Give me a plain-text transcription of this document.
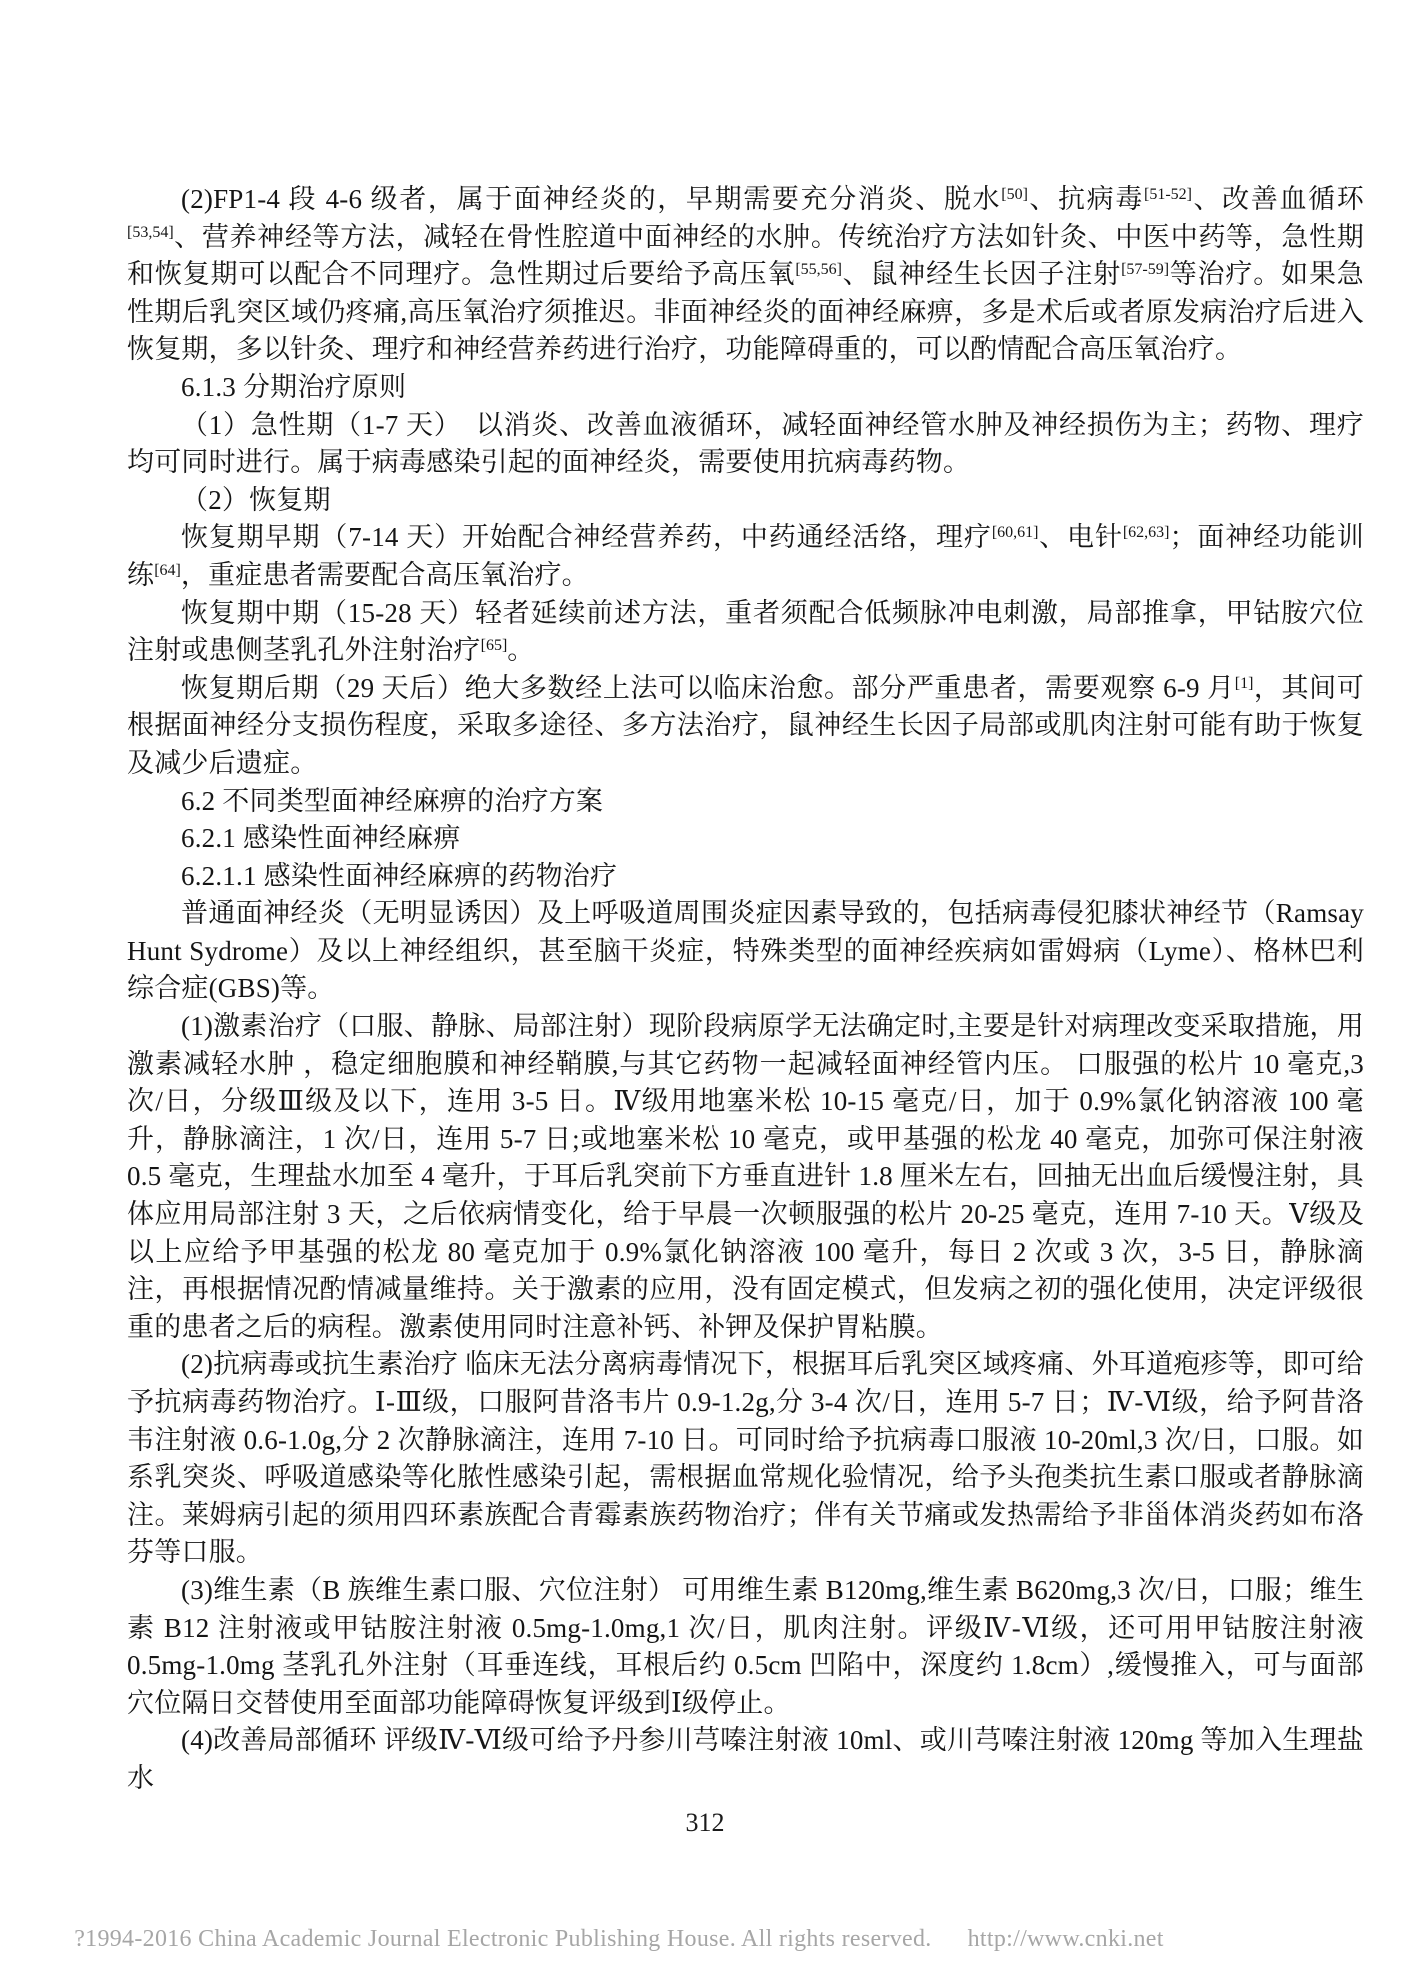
(2)FP1-4 段 4-6 级者，属于面神经炎的，早期需要充分消炎、脱水[50]、抗病毒[51-52]、改善血循环[53,54]、营养神经等方法，减轻在骨性腔道中面神经的水肿。传统治疗方法如针灸、中医中药等，急性期和恢复期可以配合不同理疗。急性期过后要给予高压氧[55,56]、鼠神经生长因子注射[57-59]等治疗。如果急性期后乳突区域仍疼痛,高压氧治疗须推迟。非面神经炎的面神经麻痹，多是术后或者原发病治疗后进入恢复期，多以针灸、理疗和神经营养药进行治疗，功能障碍重的，可以酌情配合高压氧治疗。

6.1.3 分期治疗原则

（1）急性期（1-7 天）　以消炎、改善血液循环，减轻面神经管水肿及神经损伤为主；药物、理疗均可同时进行。属于病毒感染引起的面神经炎，需要使用抗病毒药物。

（2）恢复期

恢复期早期（7-14 天）开始配合神经营养药，中药通经活络，理疗[60,61]、电针[62,63]；面神经功能训练[64]，重症患者需要配合高压氧治疗。

恢复期中期（15-28 天）轻者延续前述方法，重者须配合低频脉冲电刺激，局部推拿，甲钴胺穴位注射或患侧茎乳孔外注射治疗[65]。

恢复期后期（29 天后）绝大多数经上法可以临床治愈。部分严重患者，需要观察 6-9 月[1]，其间可根据面神经分支损伤程度，采取多途径、多方法治疗，鼠神经生长因子局部或肌肉注射可能有助于恢复及减少后遗症。

6.2 不同类型面神经麻痹的治疗方案

6.2.1 感染性面神经麻痹

6.2.1.1 感染性面神经麻痹的药物治疗

普通面神经炎（无明显诱因）及上呼吸道周围炎症因素导致的，包括病毒侵犯膝状神经节（Ramsay Hunt Sydrome）及以上神经组织，甚至脑干炎症，特殊类型的面神经疾病如雷姆病（Lyme）、格林巴利综合症(GBS)等。

(1)激素治疗（口服、静脉、局部注射）现阶段病原学无法确定时,主要是针对病理改变采取措施，用激素减轻水肿 ，稳定细胞膜和神经鞘膜,与其它药物一起减轻面神经管内压。 口服强的松片 10 毫克,3 次/日，分级Ⅲ级及以下，连用 3-5 日。Ⅳ级用地塞米松 10-15 毫克/日，加于 0.9%氯化钠溶液 100 毫升，静脉滴注，1 次/日，连用 5-7 日;或地塞米松 10 毫克，或甲基强的松龙 40 毫克，加弥可保注射液 0.5 毫克，生理盐水加至 4 毫升，于耳后乳突前下方垂直进针 1.8 厘米左右，回抽无出血后缓慢注射，具体应用局部注射 3 天，之后依病情变化，给于早晨一次顿服强的松片 20-25 毫克，连用 7-10 天。Ⅴ级及以上应给予甲基强的松龙 80 毫克加于 0.9%氯化钠溶液 100 毫升，每日 2 次或 3 次，3-5 日，静脉滴注，再根据情况酌情减量维持。关于激素的应用，没有固定模式，但发病之初的强化使用，决定评级很重的患者之后的病程。激素使用同时注意补钙、补钾及保护胃粘膜。

(2)抗病毒或抗生素治疗 临床无法分离病毒情况下，根据耳后乳突区域疼痛、外耳道疱疹等，即可给予抗病毒药物治疗。Ⅰ-Ⅲ级，口服阿昔洛韦片 0.9-1.2g,分 3-4 次/日，连用 5-7 日；Ⅳ-Ⅵ级，给予阿昔洛韦注射液 0.6-1.0g,分 2 次静脉滴注，连用 7-10 日。可同时给予抗病毒口服液 10-20ml,3 次/日，口服。如系乳突炎、呼吸道感染等化脓性感染引起，需根据血常规化验情况，给予头孢类抗生素口服或者静脉滴注。莱姆病引起的须用四环素族配合青霉素族药物治疗；伴有关节痛或发热需给予非甾体消炎药如布洛芬等口服。

(3)维生素（B 族维生素口服、穴位注射） 可用维生素 B120mg,维生素 B620mg,3 次/日，口服；维生素 B12 注射液或甲钴胺注射液 0.5mg-1.0mg,1 次/日，肌肉注射。评级Ⅳ-Ⅵ级，还可用甲钴胺注射液 0.5mg-1.0mg 茎乳孔外注射（耳垂连线，耳根后约 0.5cm 凹陷中，深度约 1.8cm）,缓慢推入，可与面部穴位隔日交替使用至面部功能障碍恢复评级到Ⅰ级停止。

(4)改善局部循环 评级Ⅳ-Ⅵ级可给予丹参川芎嗪注射液 10ml、或川芎嗪注射液 120mg 等加入生理盐水

312

?1994-2016 China Academic Journal Electronic Publishing House. All rights reserved. http://www.cnki.net
